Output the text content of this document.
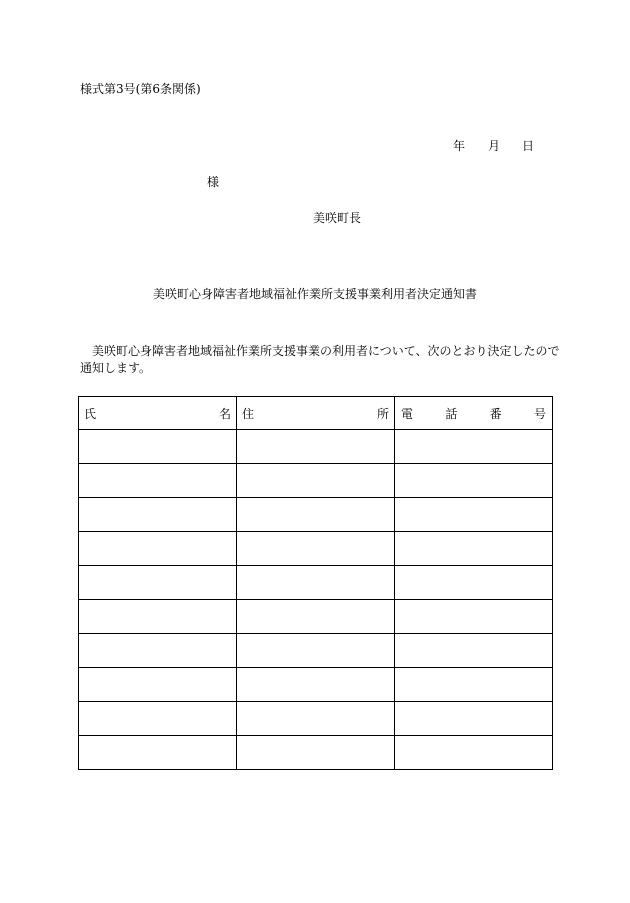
様式第3号(第6条関係)
年 月 日
様
美咲町長
美咲町心身障害者地域福祉作業所支援事業利用者決定通知書
美咲町心身障害者地域福祉作業所支援事業の利用者について、次のとおり決定したので
通知します。
氏 名	住 所	電 話 番 号
